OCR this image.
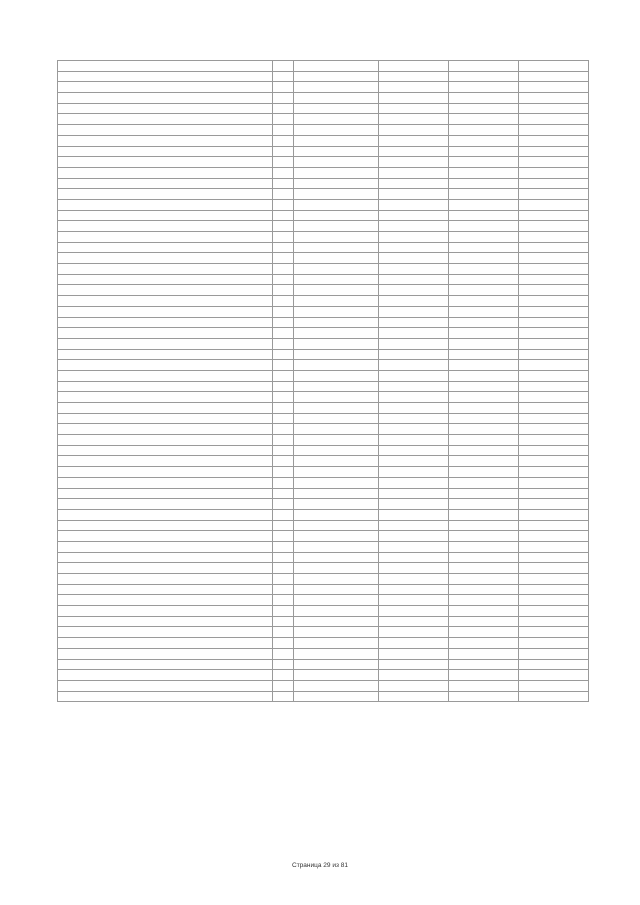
Страница 29 из 81
